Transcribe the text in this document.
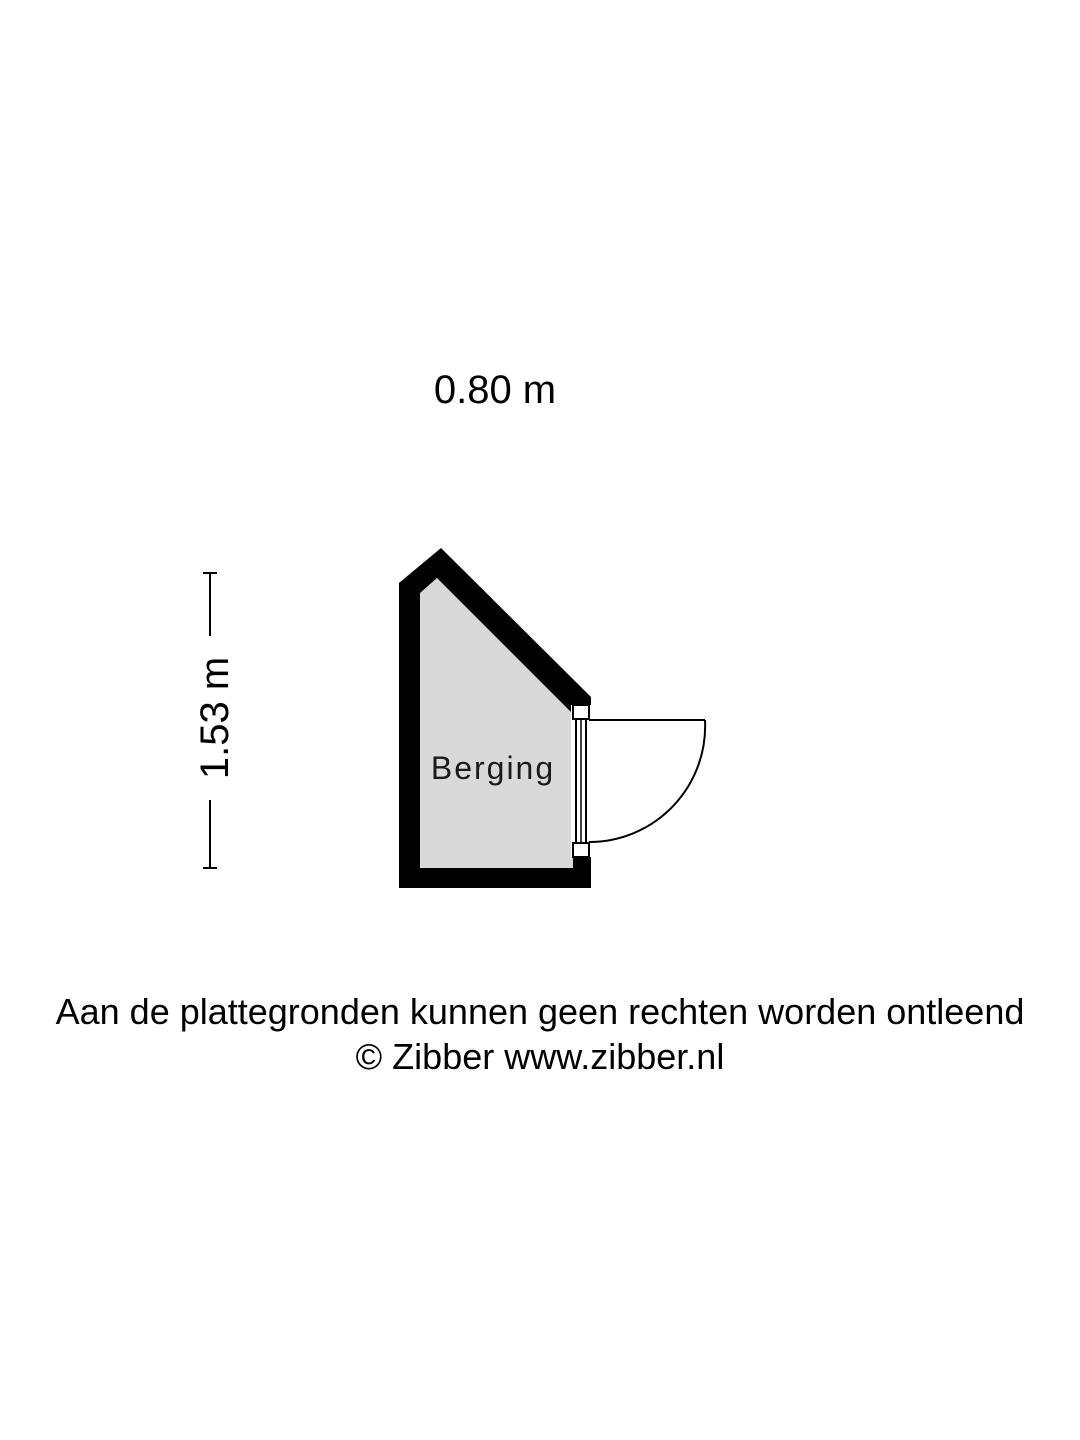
0.80 m
1.53 m	Berging
Aan de plattegronden kunnen geen rechten worden ontleend
© Zibber www.zibber.nl
